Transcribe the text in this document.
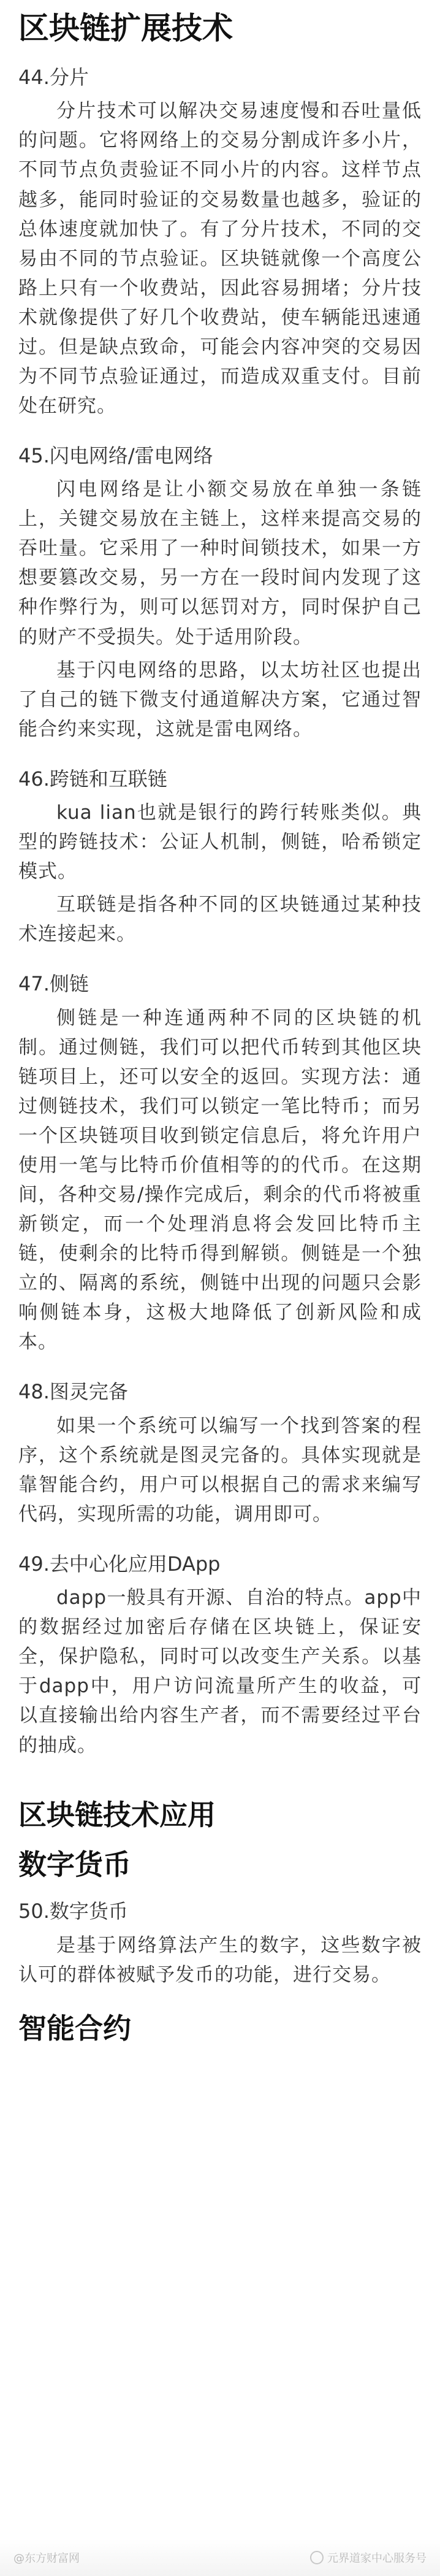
区块链扩展技术
44.分片

分片技术可以解决交易速度慢和吞吐量低的问题。它将网络上的交易分割成许多小片，不同节点负责验证不同小片的内容。这样节点越多，能同时验证的交易数量也越多，验证的总体速度就加快了。有了分片技术，不同的交易由不同的节点验证。区块链就像一个高度公路上只有一个收费站，因此容易拥堵；分片技术就像提供了好几个收费站，使车辆能迅速通过。但是缺点致命，可能会内容冲突的交易因为不同节点验证通过，而造成双重支付。目前处在研究。

45.闪电网络/雷电网络

闪电网络是让小额交易放在单独一条链上，关键交易放在主链上，这样来提高交易的吞吐量。它采用了一种时间锁技术，如果一方想要篡改交易，另一方在一段时间内发现了这种作弊行为，则可以惩罚对方，同时保护自己的财产不受损失。处于适用阶段。

基于闪电网络的思路，以太坊社区也提出了自己的链下微支付通道解决方案，它通过智能合约来实现，这就是雷电网络。

46.跨链和互联链

kua lian也就是银行的跨行转账类似。典型的跨链技术：公证人机制，侧链，哈希锁定模式。

互联链是指各种不同的区块链通过某种技术连接起来。

47.侧链

侧链是一种连通两种不同的区块链的机制。通过侧链，我们可以把代币转到其他区块链项目上，还可以安全的返回。实现方法：通过侧链技术，我们可以锁定一笔比特币；而另一个区块链项目收到锁定信息后，将允许用户使用一笔与比特币价值相等的的代币。在这期间，各种交易/操作完成后，剩余的代币将被重新锁定，而一个处理消息将会发回比特币主链，使剩余的比特币得到解锁。侧链是一个独立的、隔离的系统，侧链中出现的问题只会影响侧链本身，这极大地降低了创新风险和成本。

48.图灵完备

如果一个系统可以编写一个找到答案的程序，这个系统就是图灵完备的。具体实现就是靠智能合约，用户可以根据自己的需求来编写代码，实现所需的功能，调用即可。

49.去中心化应用DApp

dapp一般具有开源、自治的特点。app中的数据经过加密后存储在区块链上，保证安全，保护隐私，同时可以改变生产关系。以基于dapp中，用户访问流量所产生的收益，可以直接输出给内容生产者，而不需要经过平台的抽成。

区块链技术应用
数字货币
50.数字货币

是基于网络算法产生的数字，这些数字被认可的群体被赋予发币的功能，进行交易。

智能合约
@东方财富网	元界道家中心服务号
